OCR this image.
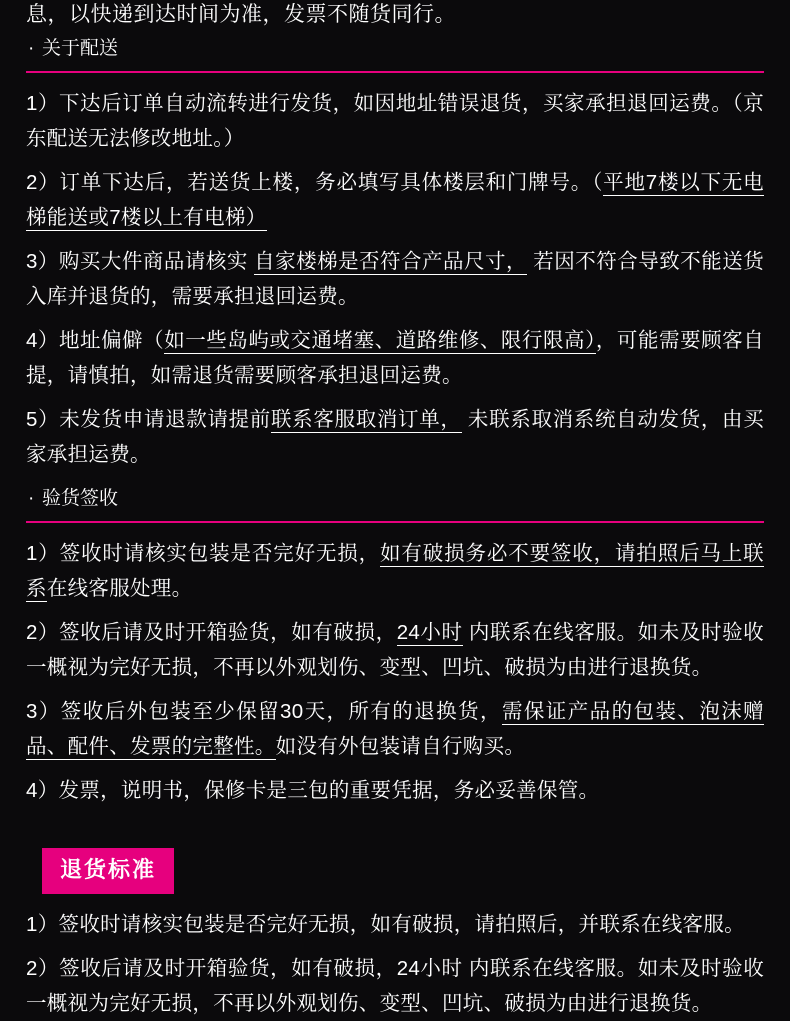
息，以快递到达时间为准，发票不随货同行。
· 关于配送
1）下达后订单自动流转进行发货，如因地址错误退货，买家承担退回运费。（京东配送无法修改地址。）
2）订单下达后，若送货上楼，务必填写具体楼层和门牌号。（平地7楼以下无电梯能送或7楼以上有电梯）
3）购买大件商品请核实 自家楼梯是否符合产品尺寸， 若因不符合导致不能送货入库并退货的，需要承担退回运费。
4）地址偏僻（如一些岛屿或交通堵塞、道路维修、限行限高），可能需要顾客自提，请慎拍，如需退货需要顾客承担退回运费。
5）未发货申请退款请提前联系客服取消订单， 未联系取消系统自动发货，由买家承担运费。
· 验货签收
1）签收时请核实包装是否完好无损，如有破损务必不要签收，请拍照后马上联系在线客服处理。
2）签收后请及时开箱验货，如有破损，24小时 内联系在线客服。如未及时验收一概视为完好无损，不再以外观划伤、变型、凹坑、破损为由进行退换货。
3）签收后外包装至少保留30天，所有的退换货，需保证产品的包装、泡沫赠品、配件、发票的完整性。如没有外包装请自行购买。
4）发票，说明书，保修卡是三包的重要凭据，务必妥善保管。
退货标准
1）签收时请核实包装是否完好无损，如有破损，请拍照后，并联系在线客服。
2）签收后请及时开箱验货，如有破损，24小时 内联系在线客服。如未及时验收一概视为完好无损，不再以外观划伤、变型、凹坑、破损为由进行退换货。
